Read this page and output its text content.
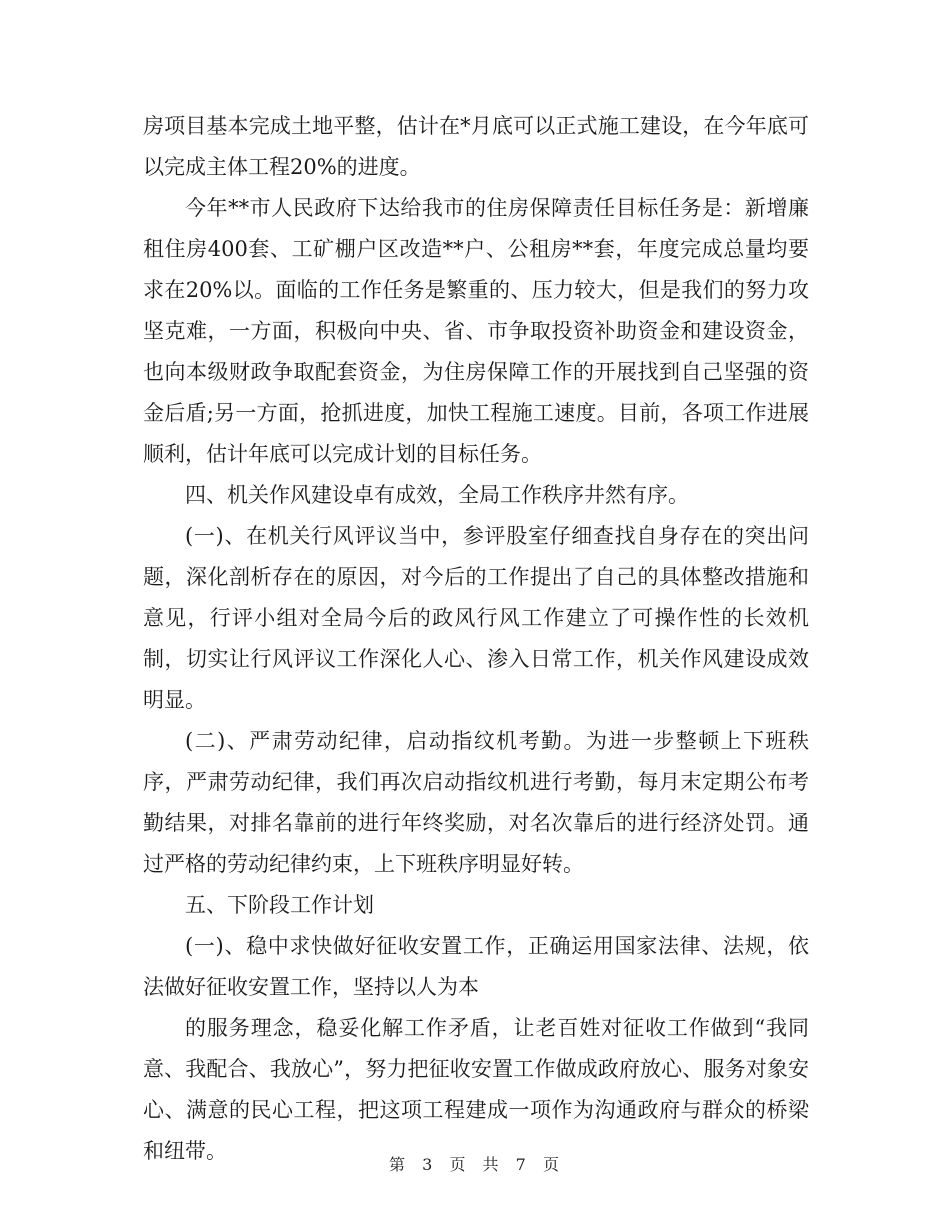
房项目基本完成土地平整，估计在*月底可以正式施工建设，在今年底可以完成主体工程20%的进度。

今年**市人民政府下达给我市的住房保障责任目标任务是：新增廉租住房400套、工矿棚户区改造**户、公租房**套，年度完成总量均要求在20%以。面临的工作任务是繁重的、压力较大，但是我们的努力攻坚克难，一方面，积极向中央、省、市争取投资补助资金和建设资金，也向本级财政争取配套资金，为住房保障工作的开展找到自己坚强的资金后盾;另一方面，抢抓进度，加快工程施工速度。目前，各项工作进展顺利，估计年底可以完成计划的目标任务。

四、机关作风建设卓有成效，全局工作秩序井然有序。

(一)、在机关行风评议当中，参评股室仔细查找自身存在的突出问题，深化剖析存在的原因，对今后的工作提出了自己的具体整改措施和意见，行评小组对全局今后的政风行风工作建立了可操作性的长效机制，切实让行风评议工作深化人心、渗入日常工作，机关作风建设成效明显。

(二)、严肃劳动纪律，启动指纹机考勤。为进一步整顿上下班秩序，严肃劳动纪律，我们再次启动指纹机进行考勤，每月末定期公布考勤结果，对排名靠前的进行年终奖励，对名次靠后的进行经济处罚。通过严格的劳动纪律约束，上下班秩序明显好转。

五、下阶段工作计划

(一)、稳中求快做好征收安置工作，正确运用国家法律、法规，依法做好征收安置工作，坚持以人为本

的服务理念，稳妥化解工作矛盾，让老百姓对征收工作做到“我同意、我配合、我放心”，努力把征收安置工作做成政府放心、服务对象安心、满意的民心工程，把这项工程建成一项作为沟通政府与群众的桥梁和纽带。

第 3 页 共 7 页
